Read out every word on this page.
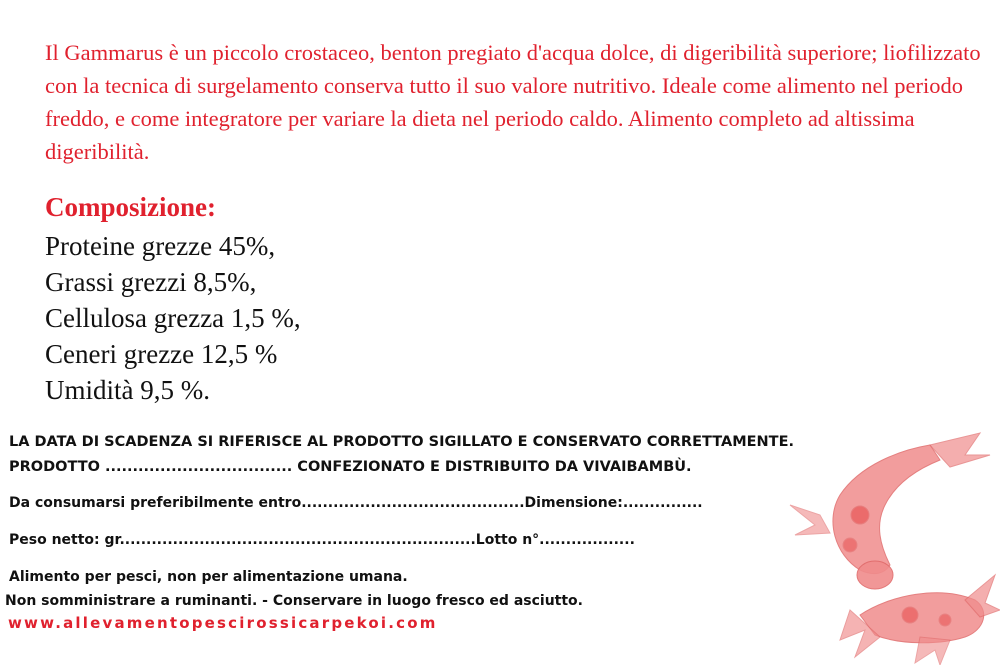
Il Gammarus è un piccolo crostaceo, benton pregiato d'acqua dolce, di digeribilità superiore; liofilizzato con la tecnica di surgelamento conserva tutto il suo valore nutritivo. Ideale come alimento nel periodo freddo, e come integratore per variare la dieta nel periodo caldo. Alimento completo ad altissima digeribilità.

Composizione:
Proteine grezze 45%,
Grassi grezzi 8,5%,
Cellulosa grezza 1,5 %,
Ceneri grezze 12,5 %
Umidità 9,5 %.

LA DATA DI SCADENZA SI RIFERISCE AL PRODOTTO SIGILLATO E CONSERVATO CORRETTAMENTE.

PRODOTTO .................................. CONFEZIONATO E DISTRIBUITO DA VIVAIBAMBÙ.

Da consumarsi preferibilmente entro..........................................Dimensione:...............

Peso netto: gr...................................................................Lotto n°..................

Alimento per pesci, non per alimentazione umana.

Non somministrare a ruminanti. - Conservare in luogo fresco ed asciutto.

www.allevamentopescirossicarpekoi.com
